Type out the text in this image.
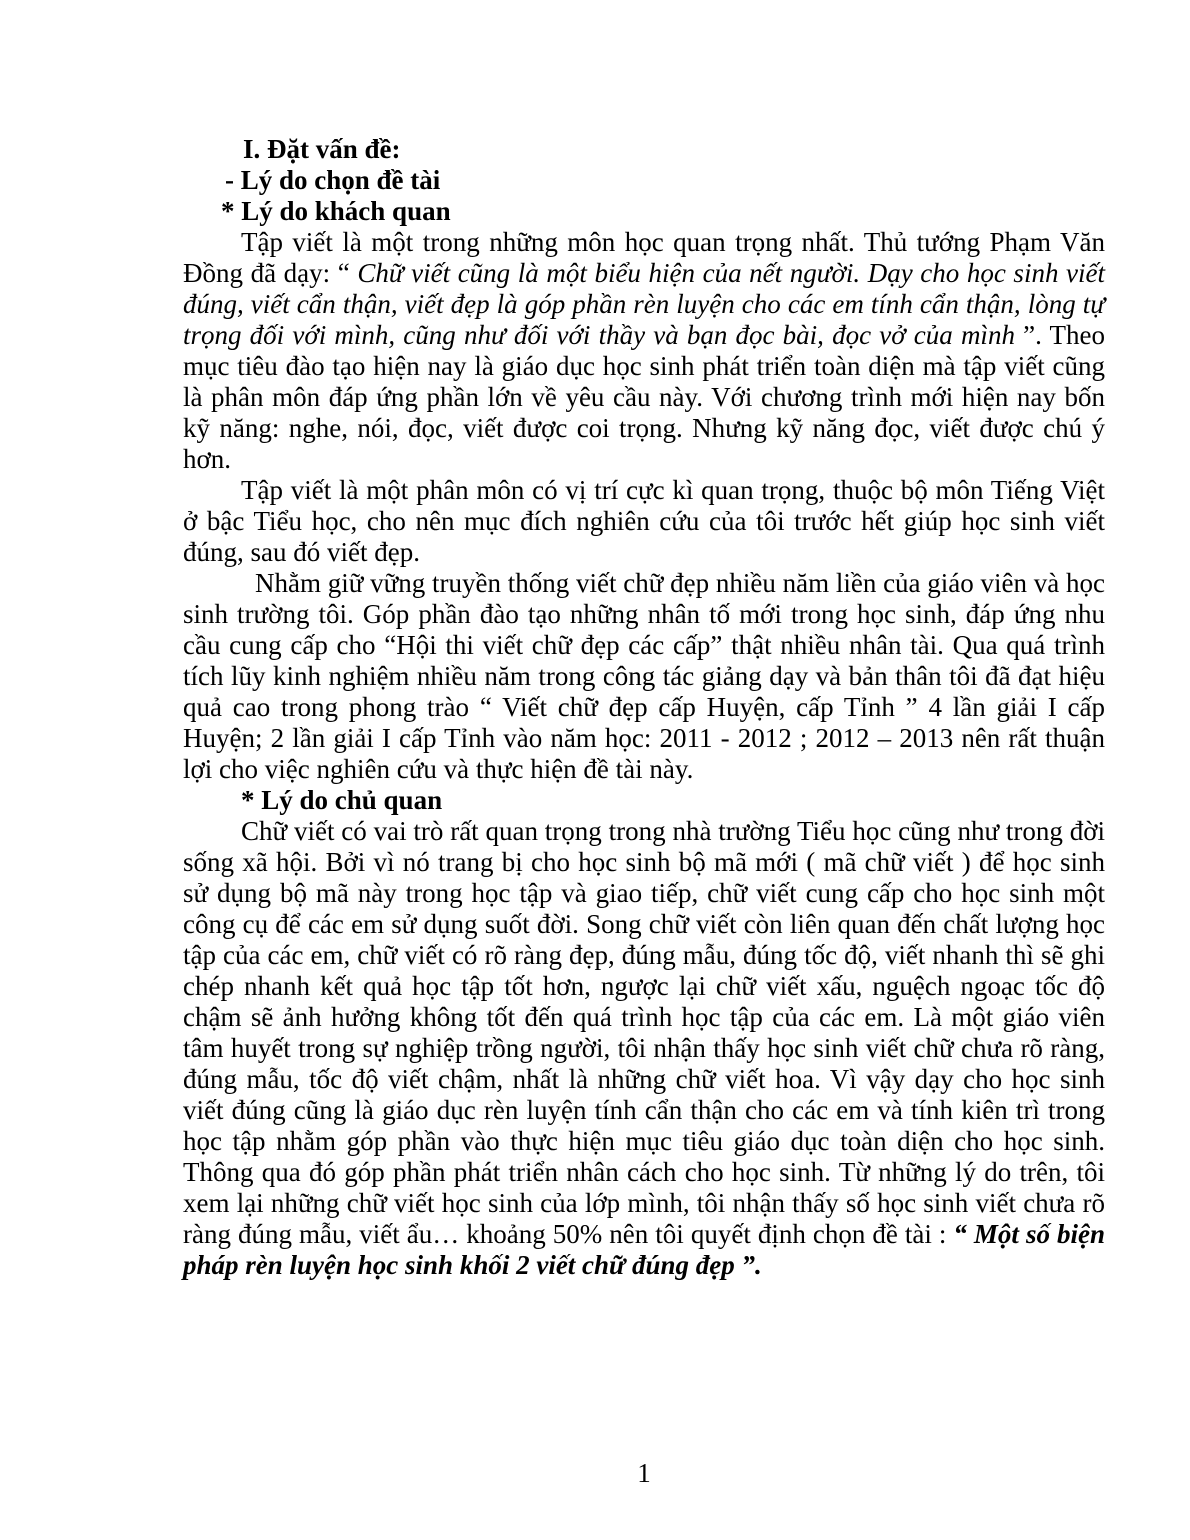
I. Đặt vấn đề:

- Lý do chọn đề tài

* Lý do khách quan

Tập viết là một trong những môn học quan trọng nhất. Thủ tướng Phạm Văn Đồng đã dạy: “ Chữ viết cũng là một biểu hiện của nết người. Dạy cho học sinh viết đúng, viết cẩn thận, viết đẹp là góp phần rèn luyện cho các em tính cẩn thận, lòng tự trọng đối với mình, cũng như đối với thầy và bạn đọc bài, đọc vở của mình ”. Theo mục tiêu đào tạo hiện nay là giáo dục học sinh phát triển toàn diện mà tập viết cũng là phân môn đáp ứng phần lớn về yêu cầu này. Với chương trình mới hiện nay bốn kỹ năng: nghe, nói, đọc, viết được coi trọng. Nhưng kỹ năng đọc, viết được chú ý hơn.

Tập viết là một phân môn có vị trí cực kì quan trọng, thuộc bộ môn Tiếng Việt ở bậc Tiểu học, cho nên mục đích nghiên cứu của tôi trước hết giúp học sinh viết đúng, sau đó viết đẹp.

Nhằm giữ vững truyền thống viết chữ đẹp nhiều năm liền của giáo viên và học sinh trường tôi. Góp phần đào tạo những nhân tố mới trong học sinh, đáp ứng nhu cầu cung cấp cho “Hội thi viết chữ đẹp các cấp” thật nhiều nhân tài. Qua quá trình tích lũy kinh nghiệm nhiều năm trong công tác giảng dạy và bản thân tôi đã đạt hiệu quả cao trong phong trào “ Viết chữ đẹp cấp Huyện, cấp Tỉnh ” 4 lần giải I cấp Huyện; 2 lần giải I cấp Tỉnh vào năm học: 2011 - 2012 ; 2012 – 2013 nên rất thuận lợi cho việc nghiên cứu và thực hiện đề tài này.

* Lý do chủ quan

Chữ viết có vai trò rất quan trọng trong nhà trường Tiểu học cũng như trong đời sống xã hội. Bởi vì nó trang bị cho học sinh bộ mã mới ( mã chữ viết ) để học sinh sử dụng bộ mã này trong học tập và giao tiếp, chữ viết cung cấp cho học sinh một công cụ để các em sử dụng suốt đời. Song chữ viết còn liên quan đến chất lượng học tập của các em, chữ viết có rõ ràng đẹp, đúng mẫu, đúng tốc độ, viết nhanh thì sẽ ghi chép nhanh kết quả học tập tốt hơn, ngược lại chữ viết xấu, nguệch ngoạc tốc độ chậm sẽ ảnh hưởng không tốt đến quá trình học tập của các em. Là một giáo viên tâm huyết trong sự nghiệp trồng người, tôi nhận thấy học sinh viết chữ chưa rõ ràng, đúng mẫu, tốc độ viết chậm, nhất là những chữ viết hoa. Vì vậy dạy cho học sinh viết đúng cũng là giáo dục rèn luyện tính cẩn thận cho các em và tính kiên trì trong học tập nhằm góp phần vào thực hiện mục tiêu giáo dục toàn diện cho học sinh. Thông qua đó góp phần phát triển nhân cách cho học sinh. Từ những lý do trên, tôi xem lại những chữ viết học sinh của lớp mình, tôi nhận thấy số học sinh viết chưa rõ ràng đúng mẫu, viết ẩu… khoảng 50% nên tôi quyết định chọn đề tài : “ Một số biện pháp rèn luyện học sinh khối 2 viết chữ đúng đẹp ”.

1
